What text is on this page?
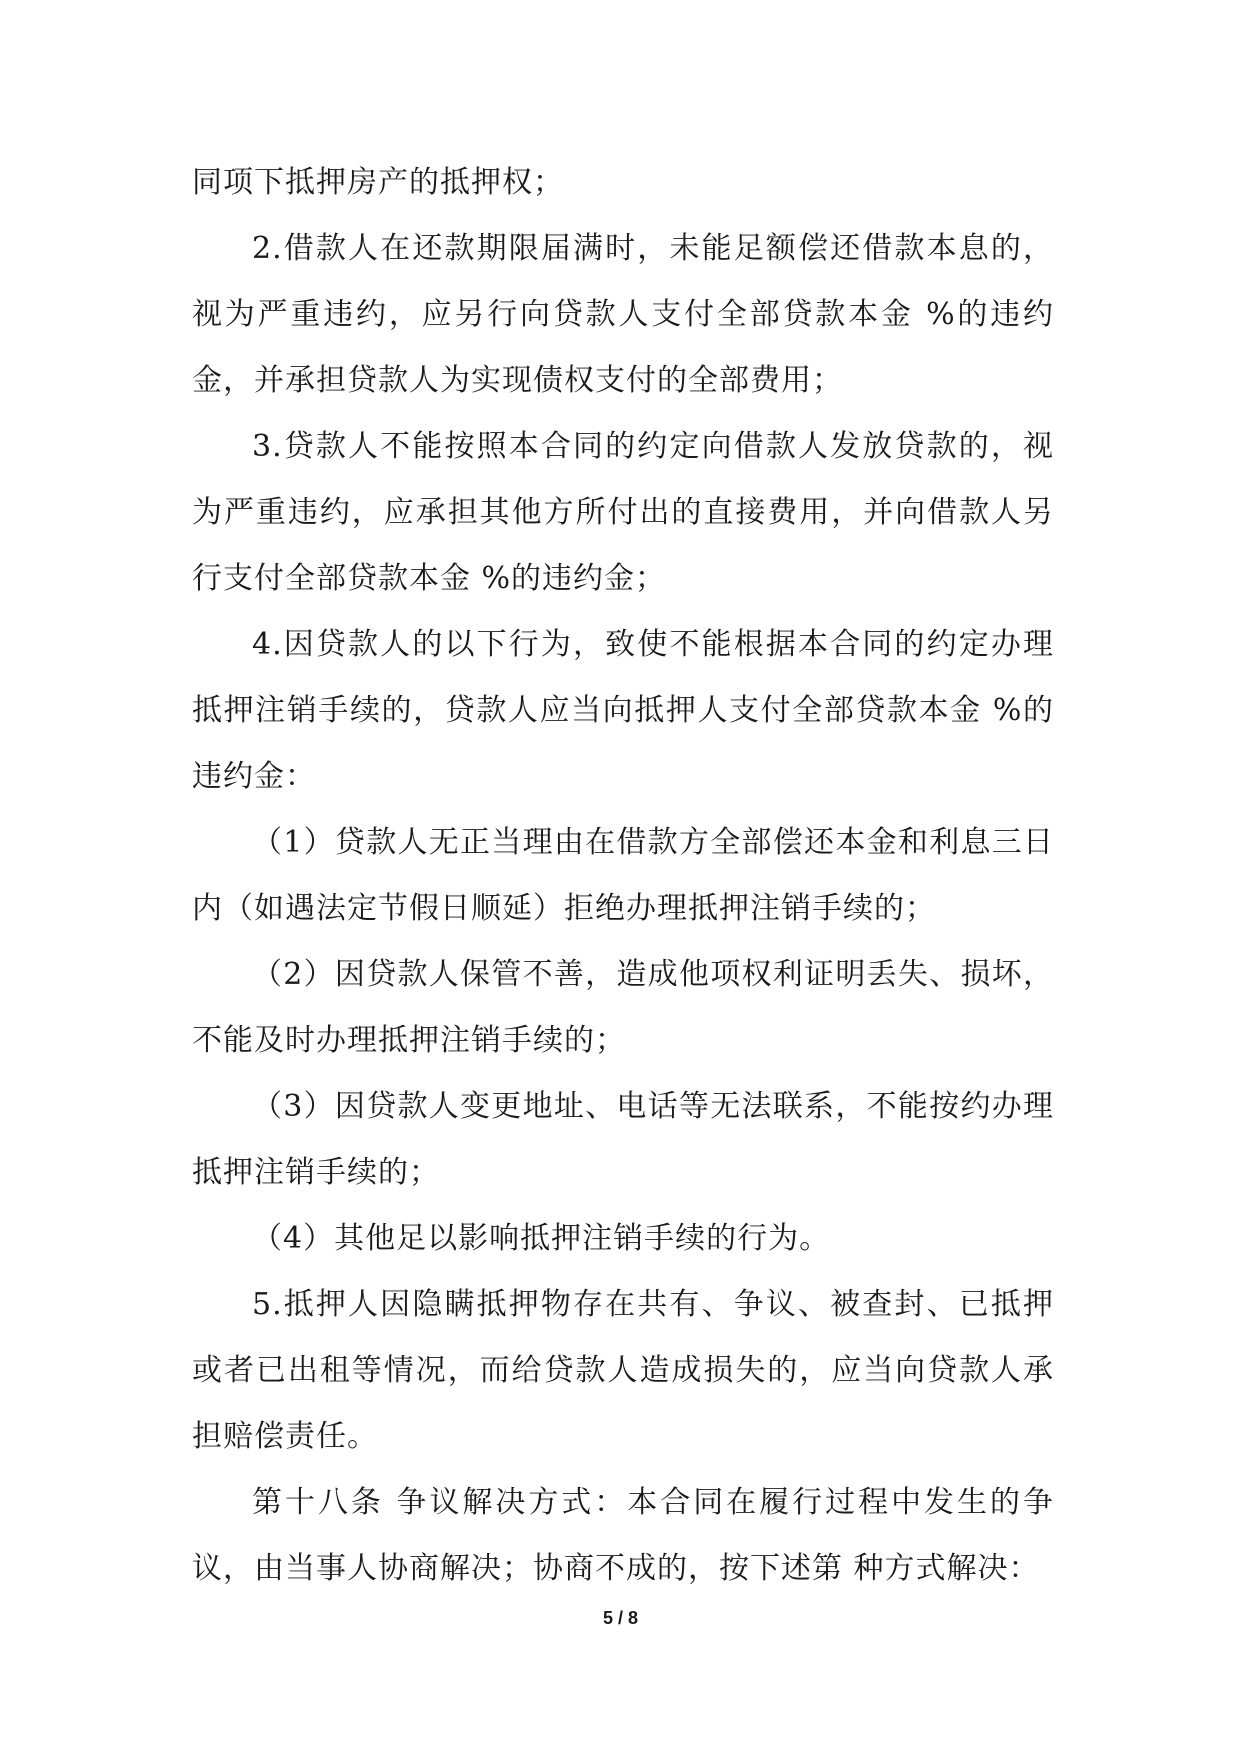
同项下抵押房产的抵押权；

2.借款人在还款期限届满时，未能足额偿还借款本息的，视为严重违约，应另行向贷款人支付全部贷款本金 %的违约金，并承担贷款人为实现债权支付的全部费用；

3.贷款人不能按照本合同的约定向借款人发放贷款的，视为严重违约，应承担其他方所付出的直接费用，并向借款人另行支付全部贷款本金 %的违约金；

4.因贷款人的以下行为，致使不能根据本合同的约定办理抵押注销手续的，贷款人应当向抵押人支付全部贷款本金 %的违约金：

（1）贷款人无正当理由在借款方全部偿还本金和利息三日内（如遇法定节假日顺延）拒绝办理抵押注销手续的；

（2）因贷款人保管不善，造成他项权利证明丢失、损坏，不能及时办理抵押注销手续的；

（3）因贷款人变更地址、电话等无法联系，不能按约办理抵押注销手续的；

（4）其他足以影响抵押注销手续的行为。

5.抵押人因隐瞒抵押物存在共有、争议、被查封、已抵押或者已出租等情况，而给贷款人造成损失的，应当向贷款人承担赔偿责任。

第十八条 争议解决方式：本合同在履行过程中发生的争议，由当事人协商解决；协商不成的，按下述第 种方式解决：

5 / 8
